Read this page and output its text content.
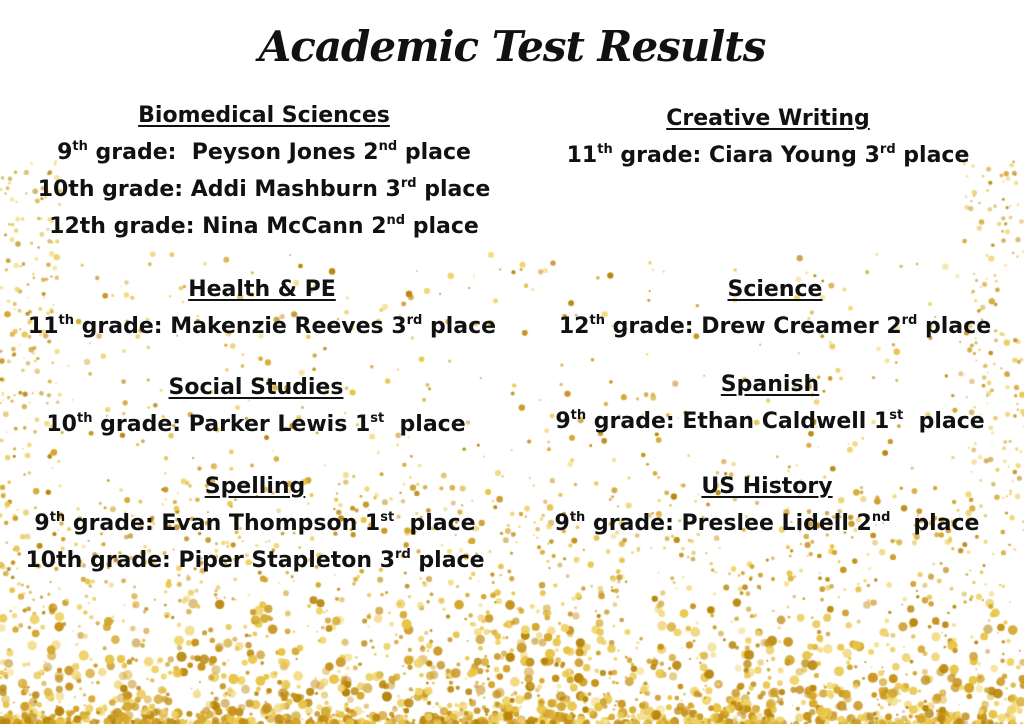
Academic Test Results
Biomedical Sciences
9th grade:  Peyson Jones 2nd place
10th grade: Addi Mashburn 3rd place
12th grade: Nina McCann 2nd place
Creative Writing
11th grade: Ciara Young 3rd place
Health & PE
11th grade: Makenzie Reeves 3rd place
Science
12th grade: Drew Creamer 2rd place
Social Studies
10th grade: Parker Lewis 1st  place
Spanish
9th grade: Ethan Caldwell 1st  place
Spelling
9th grade: Evan Thompson 1st  place
10th grade: Piper Stapleton 3rd place
US History
9th grade: Preslee Lidell 2nd   place
